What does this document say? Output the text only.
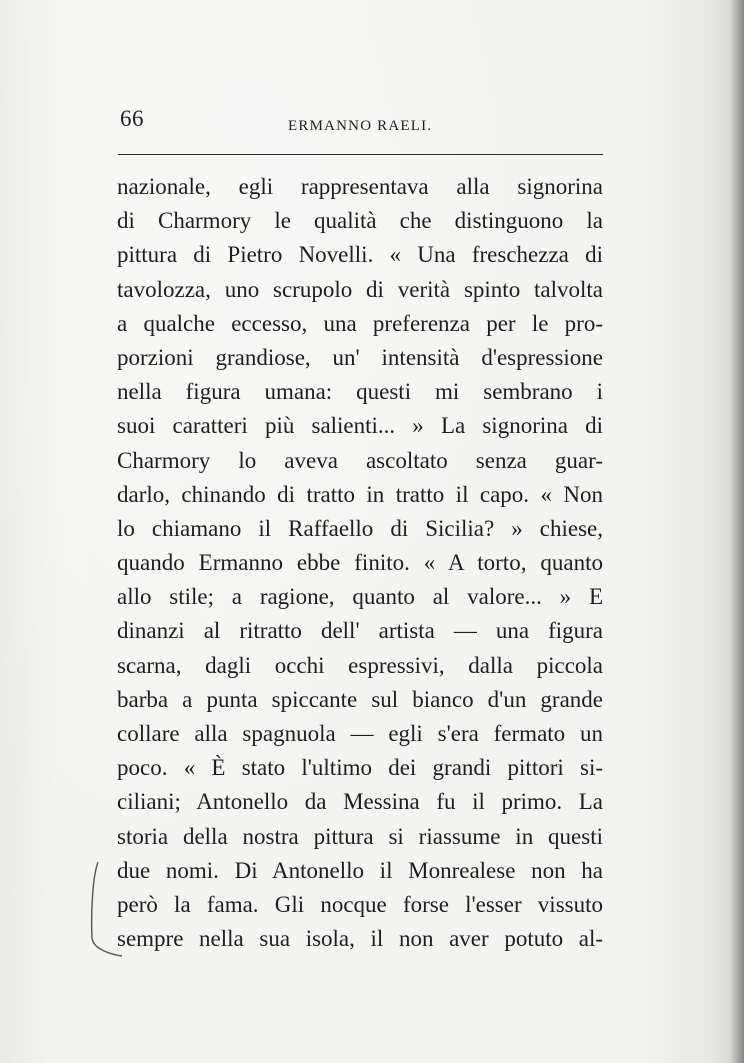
66	ERMANNO RAELI.
nazionale, egli rappresentava alla signorina
di Charmory le qualità che distinguono la
pittura di Pietro Novelli. « Una freschezza di
tavolozza, uno scrupolo di verità spinto talvolta
a qualche eccesso, una preferenza per le pro-
porzioni grandiose, un' intensità d'espressione
nella figura umana: questi mi sembrano i
suoi caratteri più salienti... » La signorina di
Charmory lo aveva ascoltato senza guar-
darlo, chinando di tratto in tratto il capo. « Non
lo chiamano il Raffaello di Sicilia? » chiese,
quando Ermanno ebbe finito. « A torto, quanto
allo stile; a ragione, quanto al valore... » E
dinanzi al ritratto dell' artista — una figura
scarna, dagli occhi espressivi, dalla piccola
barba a punta spiccante sul bianco d'un grande
collare alla spagnuola — egli s'era fermato un
poco. « È stato l'ultimo dei grandi pittori si-
ciliani; Antonello da Messina fu il primo. La
storia della nostra pittura si riassume in questi
due nomi. Di Antonello il Monrealese non ha
però la fama. Gli nocque forse l'esser vissuto
sempre nella sua isola, il non aver potuto al-
